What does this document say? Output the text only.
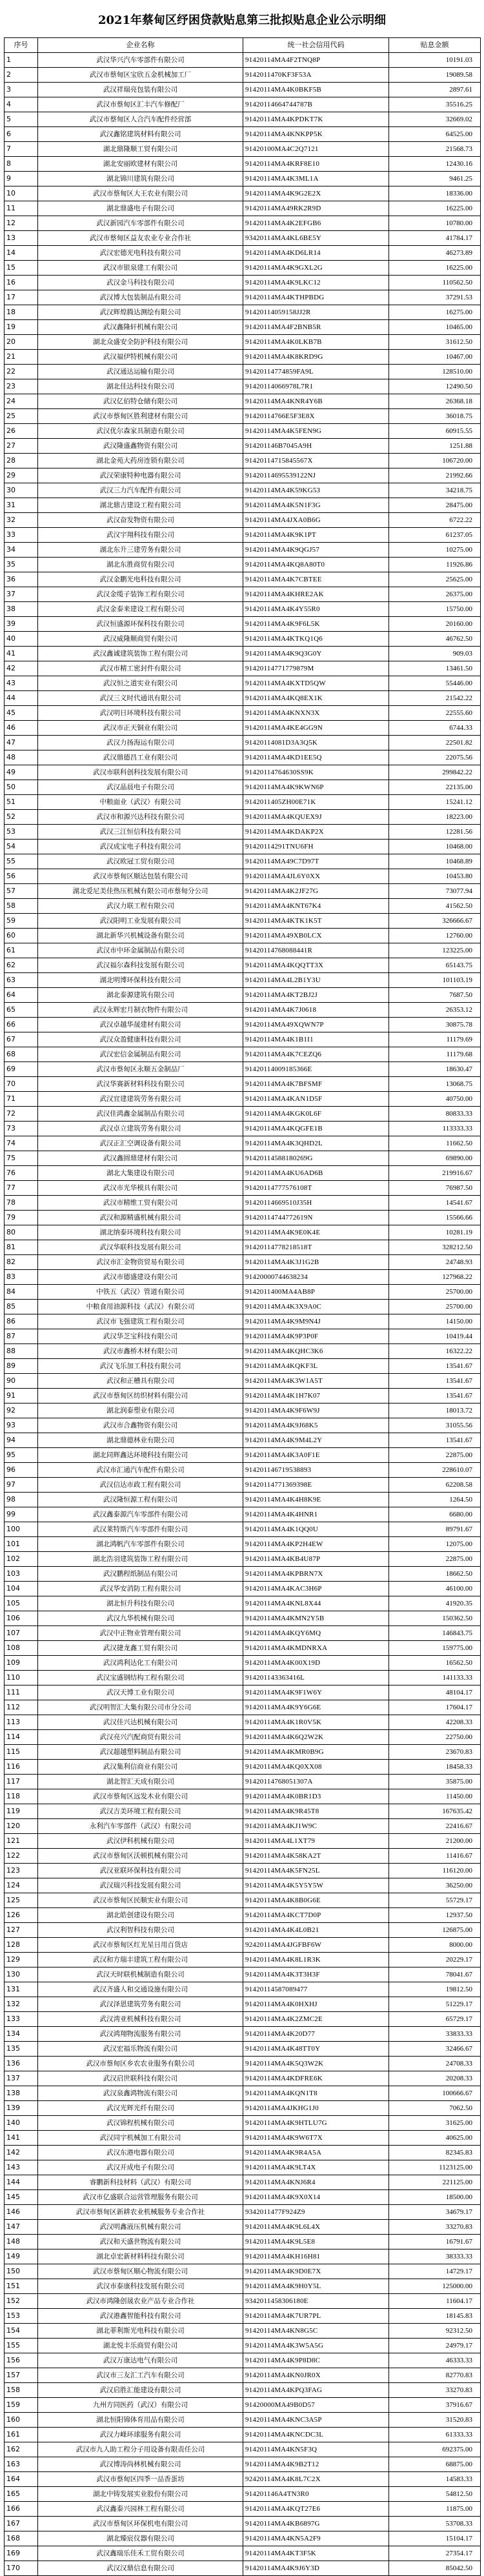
2021年蔡甸区纾困贷款贴息第三批拟贴息企业公示明细
序号	企业名称	统一社会信用代码	贴息金额
1	武汉华兴汽车零部件有限公司	91420114MA4F2TNQ8P	10191.03
2	武汉市蔡甸区宝欣五金机械加工厂	9142011470KF3F53A	19089.58
3	武汉祥瑞亮包装有限公司	91420114MA4K0BKF5B	2897.61
4	武汉市蔡甸区汇丰汽车修配厂	91420114664744787B	35516.25
5	武汉市蔡甸区人合汽车配件经营部	91420114MA4KPDKT7K	32669.02
6	武汉鑫铭建筑材料有限公司	91420114MA4KNKPP5K	64525.00
7	湖北鼎隆顺工贸有限公司	91420100MA4C2Q7121	21568.73
8	湖北安丽欧建材有限公司	91420114MA4KRF8E10	12430.16
9	湖北锦川建筑有限公司	91420114MA4K3ML1A	9461.25
10	武汉市蔡甸区大王农业有限公司	91420114MA4K9G2E2X	18336.00
11	湖北鼎盛电子有限公司	91420114MA49RK2R9D	16225.00
12	武汉新园汽车零部件有限公司	91420114MA4K2EFGB6	10780.00
13	武汉市蔡甸区益友农业专业合作社	93420114MA4KL6BE5Y	41784.17
14	武汉宏德光电科技有限公司	91420114MA4KD6LR14	46273.89
15	武汉市银泉建工有限公司	91420114MA4K9GXL2G	16225.00
16	武汉金马科技有限公司	91420114MA4K9LKC12	110562.50
17	武汉博大包装制品有限公司	91420114MA4KTHPBDG	37291.53
18	武汉辉煌腾达测绘有限公司	91420114059158JJ2R	16275.00
19	武汉鑫隆轩机械有限公司	91420114MA4F2BNB5R	10465.00
20	湖北众盛安全防护科技有限公司	91420114MA4K0LKB7B	31612.50
21	武汉福伊特机械有限公司	91420114MA4K8KRD9G	10467.00
22	武汉通达运输有限公司	91420114774859FA9L	128510.00
23	湖北佳达科技有限公司	91420114066978L7R1	12490.50
24	武汉亿佰特仓储有限公司	91420114MA4KNR4Y6B	26368.18
25	武汉市蔡甸区胜利建材有限公司	91420114766E5F3E8X	36018.75
26	武汉优尔森家具制造有限公司	91420114MA4K5FEN9G	60915.55
27	武汉隆盛鑫物资有限公司	914201146B7045A9H	1251.88
28	湖北金苑大药房连锁有限公司	91420114715845567X	106720.00
29	武汉荣康特种电器有限公司	91420114695539122NJ	21992.66
30	武汉三力汽车配件有限公司	91420114MA4K59KG53	34218.75
31	湖北鼎吉建设工程有限公司	91420114MA4K5N1F3G	28475.00
32	武汉奋发物资有限公司	91420114MA4JXA0B6G	6722.22
33	武汉宇翔科技有限公司	91420114MA4K9K1PT	61237.05
34	湖北东升三建劳务有限公司	91420114MA4K9QGJ57	10275.00
35	湖北东胜商贸有限公司	91420114MA4KQ8A80T0	11926.86
36	武汉金鹏光电科技有限公司	91420114MA4K7CBTEE	25625.00
37	武汉金缆子装饰工程有限公司	91420114MA4KHRE2AK	26375.00
38	武汉金泰来建设工程有限公司	91420114MA4K4Y55R0	15750.00
39	武汉恒盛源环保科技有限公司	91420114MA4K9F6L5K	20160.00
40	武汉威隆顺商贸有限公司	91420114MA4KTKQ1Q6	46762.50
41	武汉鑫诚建筑装饰工程有限公司	91420114MA4K9Q3G0Y	909.03
42	武汉市精工密封件有限公司	91420114771779879M	13461.50
43	武汉恒之道实业有限公司	91420114MA4KXTD5QW	55446.00
44	武汉三义时代通讯有限公司	91420114MA4KQ8EX1K	21542.22
45	武汉明日环境科技有限公司	91420114MA4KNXN3X	22555.60
46	武汉市正天铜业有限公司	91420114MA4KE4GG9N	6744.33
47	武汉力扬海运有限公司	91420114081D3A3Q5K	22501.82
48	武汉鼎德昌工业有限公司	91420114MA4KD1EE5Q	22075.56
49	武汉市联科创科技发展有限公司	91420114764630SS9K	299842.22
50	武汉晶晨电子有限公司	91420114MA4K9KWN6P	22135.00
51	中粮面业（武汉）有限公司	9142011405ZH00E71K	15241.12
52	武汉市和源兴达科技有限公司	91420114MA4KQUEX9J	18223.00
53	武汉三江恒信科技有限公司	91420114MA4KDAKP2X	12281.56
54	武汉成宝电子科技有限公司	91420114291TNU6FH	10468.00
55	武汉欧冠工贸有限公司	91420114MA49C7D97T	10468.89
56	武汉市蔡甸区顺达包装有限公司	91420114MA4JL6Y0XX	10453.80
57	湖北爱尼美佳热压机械有限公司市蔡甸分公司	91420114MA4K2JF27G	73077.94
58	武汉力联工程有限公司	91420114MA4KNT67K4	41562.50
59	武汉阳明工业发展有限公司	91420114MA4KTK1K5T	326666.67
60	湖北新华兴机械设备有限公司	91420114MA49XB0LCX	12760.00
61	武汉市中环金属制品有限公司	91420114768088441R	123225.00
62	武汉福尔森科技发展有限公司	91420114MA4KQQTT3X	65143.75
63	湖北明博环保科技有限公司	91420114MA4L2B1Y3U	101103.19
64	湖北泰源建筑有限公司	91420114MA4KT2BJ2J	7687.50
65	武汉永辉宏月制衣物件有限公司	91420114MA4K7J0618	26353.12
66	武汉卓越华晟建材有限公司	91420114MA49XQWN7P	30875.78
67	武汉众盈健康科技有限公司	91420114MA4K1B1I1	11179.69
68	武汉宏信金属制品有限公司	91420114MA4K7CEZQ6	11179.68
69	武汉市蔡甸区永顺五金制品厂	91420114009185366E	18630.47
70	武汉华赛新材料科技有限公司	91420114MA4K7BFSMF	13068.75
71	武汉宜建建筑劳务有限公司	91420114MA4KAN1D5F	40750.00
72	武汉佳鸿鑫金属制品有限公司	91420114MA4KGK0L6F	80833.33
73	武汉卓立建筑劳务有限公司	91420114MA4KQGFE1B	113333.33
74	武汉正汇空调设备有限公司	91420114MA4K3QHD2L	11662.50
75	武汉鑫圆鼎建材有限公司	91420114588180269G	69890.00
76	湖北大集建设有限公司	91420114MA4KU6AD6B	219916.67
77	武汉市光华模具有限公司	91420114777576108T	76987.50
78	武汉市精维工贸有限公司	91420114669510J35H	14541.67
79	武汉和源精盛机械有限公司	91420114744772619N	15566.66
80	湖北纳泰环境科技有限公司	91420114MA4K9E0K4E	10281.19
81	武汉华联科技发展有限公司	91420114778218518T	328212.50
82	武汉市汇金物资贸易有限公司	91420114MA4K3J1G2B	24748.93
83	武汉市德盛建设有限公司	91420000744638234	127968.22
84	中铁五（武汉）管道有限公司	9142011400MA4AB8P	25700.00
85	中粮食用油源科技（武汉）有限公司	91420114MA4K3X9A0C	25700.00
86	武汉市飞强建筑工程有限公司	91420114MA4K9M9N4J	14150.00
87	武汉华芝宝科技有限公司	91420114MA4K9P3P0F	10419.44
88	武汉市鑫桥木材有限公司	91420114MA4KQHC3K6	16322.22
89	武汉飞乐加工科技有限公司	91420114MA4KQKF3L	13541.67
90	武汉和正槽具有限公司	91420114MA4K3W1A5T	13541.67
91	武汉市蔡甸区纺织材料有限公司	91420114MA4K1H7K07	13541.67
92	湖北润泰塑业有限公司	91420114MA4K9F6W9J	18013.72
93	武汉市合鑫物资有限公司	91420114MA4K9J68K5	31055.56
94	湖北鼎德林业有限公司	91420114MA4K9M4L2Y	13541.67
95	湖北同辉鑫达环境科技有限公司	91420114MA4K3A0F1E	22875.00
96	武汉市汇通汽车配件有限公司	914201146719538893	228610.07
97	武汉信达市政工程有限公司	91420114771369398E	62208.58
98	武汉隆恒源工程有限公司	91420114MA4K4H8K9E	1264.50
99	武汉鑫泰源汽车零部件有限公司	91420114MA4K4HNR1	6680.00
100	武汉莱特斯汽车零部件有限公司	91420114MA4K1QQ0U	89791.67
101	湖北鸿帆汽车零部件有限公司	91420114MA4KP2H4EW	12075.00
102	湖北浩羽建筑装饰工程有限公司	91420114MA4KB4U87P	22875.00
103	武汉鹏程纸制品有限公司	91420114MA4KPBRN7X	18662.50
104	武汉华安消防工程有限公司	91420114MA4KAC3H6P	46100.00
105	湖北恒升科技有限公司	91420114MA4KNL8X44	41920.35
106	武汉九华机械有限公司	91420114MA4KMN2Y5B	150362.50
107	武汉中正物业管理有限公司	91420114MA4KQY6MQ	146843.75
108	武汉捷龙鑫工贸有限公司	91420114MA4KMDNRXA	159775.00
109	武汉鸿利达化工有限公司	91420114MA4K00X19D	16562.50
110	武汉宝盛钢结构工程有限公司	914201143363416L	141133.33
111	武汉天博工业有限公司	91420114MA4K9F1W6Y	48104.17
112	武汉明智汇大集有限公司市分公司	91420114MA4K9Y6G6E	17604.17
113	武汉佳兴达机械有限公司	91420114MA4K1R0V5K	42208.33
114	武汉亮兴汽配商贸有限公司	91420114MA4K6Q2W2K	22750.00
115	武汉超越塑料制品有限公司	91420114MA4KMR0B9G	23670.83
116	武汉集利信商业有限公司	91420114MA4KQ0XX08	18458.33
117	湖北智汇天成有限公司	91420114768051307A	35875.00
118	武汉市蔡甸区远发木业有限公司	91420114MA4K0BR1D3	11450.00
119	武汉吉美环境工程有限公司	91420114MA4K9R45T8	167635.42
120	永利汽车零部件（武汉）有限公司	91420114MA4KJ1W9C	22416.67
121	武汉伊科机械有限公司	91420114MA4L1XT79	21200.00
122	武汉市蔡甸区沃顿机械有限公司	91420114MA4K58KA2T	11416.67
123	武汉亚联环保科技有限公司	91420114MA4K5FN25L	116120.00
124	武汉瑞兴科技发展有限公司	91420114MA4K5Y5Y5W	36250.00
125	武汉市蔡甸区民顺实业有限公司	91420114MA4K8B0G6E	55729.17
126	湖北皓创建设有限公司	91420114MA4KCT7D0P	12937.50
127	武汉利智科技有限公司	91420114MA4K4L0B21	126875.00
128	武汉市蔡甸区红光星日用百货店	92420114MA4JGFBF6W	8000.00
129	武汉和方瑞丰建筑工程有限公司	91420114MA4K8L1R3K	20229.17
130	武汉天时联机械制造有限公司	91420114MA4K3T3H3F	78041.67
131	武汉齐盛人和交通设施有限公司	91420114587089477	19812.50
132	武汉泽恩建筑劳务有限公司	91420114MA4K0HXHJ	51229.17
133	武汉湾亚机械科技有限公司	91420114MA4K2ZMC2E	65729.17
134	武汉鸿翔物流服务有限公司	91420114MA4K20D77	33833.33
135	武汉宏福乐物流有限公司	91420114MA4K48TT0Y	32466.67
136	武汉市蔡甸区乡农农业服务有限公司	91420114MA4K5Q3W2K	24708.33
137	武汉启世联科技有限公司	91420114MA4KDFRE6K	20208.33
138	武汉泉鑫鸿物流有限公司	91420114MA4KQN1T8	100666.67
139	武汉光辉光纤有限公司	91420114MA4JKHG1J0	7062.50
140	武汉锦程机械有限公司	91420114MA4K9HTLU7G	31625.00
141	武汉同宇机械加工有限公司	91420114MA4K9W6T7X	40625.00
142	武汉东港电器有限公司	91420114MA4K9R4A5A	82345.83
143	武汉开成电子有限公司	91420114MA4K9LT4X	1123125.00
144	睿鹏新科技材料（武汉）有限公司	91420114MA4KNJ6R4	221125.00
145	武汉市亿盛联合运营管理服务有限公司	91420114MA4K9X0X14	18500.00
146	武汉市蔡甸区新耕农业机械服务专业合作社	9342011477F924Z9	34679.17
147	武汉明鑫液压机械有限公司	91420114MA4K9L6L4X	33270.83
148	武汉和天盛世物流有限公司	91420114MA4K9L5E8	16791.67
149	湖北卓宏新材料科技有限公司	91420114MA4KH16H81	38333.33
150	武汉市蔡甸区顺心物流有限公司	91420114MA4K9D0E7X	14729.17
151	武汉市泰康科技发展有限公司	91420114MA4K9H0Y5L	125000.00
152	武汉市鸿隆创晟农业产品专业合作社	9342011458306180E	11604.17
153	武汉港鑫智能科技有限公司	91420114MA4K7UR7PL	18145.83
154	湖北菲利斯光电科技有限公司	91420114MA4KN8G5C	92312.50
155	湖北悦丰乐商贸有限公司	91420114MA4K3W5A5G	24979.17
156	武汉万康达电气有限公司	91420114MA4K9P8D8C	46333.33
157	武汉市三友汇工汽车有限公司	91420114MA4KN0JR0X	82770.83
158	武汉启胜汇能建设有限公司	91420114MA4KPQ3FAG	33270.83
159	九州方同医药（武汉）有限公司	91420000MA49B0D57	37916.67
160	湖北恒阳锦体育用品有限公司	91420114MA4KNC3A5P	31520.83
161	武汉力峰环球服务有限公司	91420114MA4KNCDC3L	61333.33
162	武汉市九人助工程分子用设备有限责任公司	91420114MA4KN5F3Q	692375.00
163	武汉博涛尚林机械有限公司	91420114MA4K9B2T12	68875.00
164	武汉市蔡甸区四季一品香蛋坊	92420114MA4K8L7C2X	14583.33
165	湖北中铸发展实业股份有限公司	914201146A4TN3R0	54812.50
166	武汉鑫泰兴园林工程有限公司	91420114MA4KQT27E6	11875.00
167	武汉市蔡甸区环保机电有限公司	91420114MA4KB6897G	53708.33
168	湖北臻宸仪器有限公司	91420114MA4KN5A2F9	15104.17
169	武汉鑫瑞乐佳禾工贸有限公司	91420114MA4KT3F5K	27354.17
170	武汉汉鼎信息有限公司	91420114MA4K9J6Y3D	85042.50
